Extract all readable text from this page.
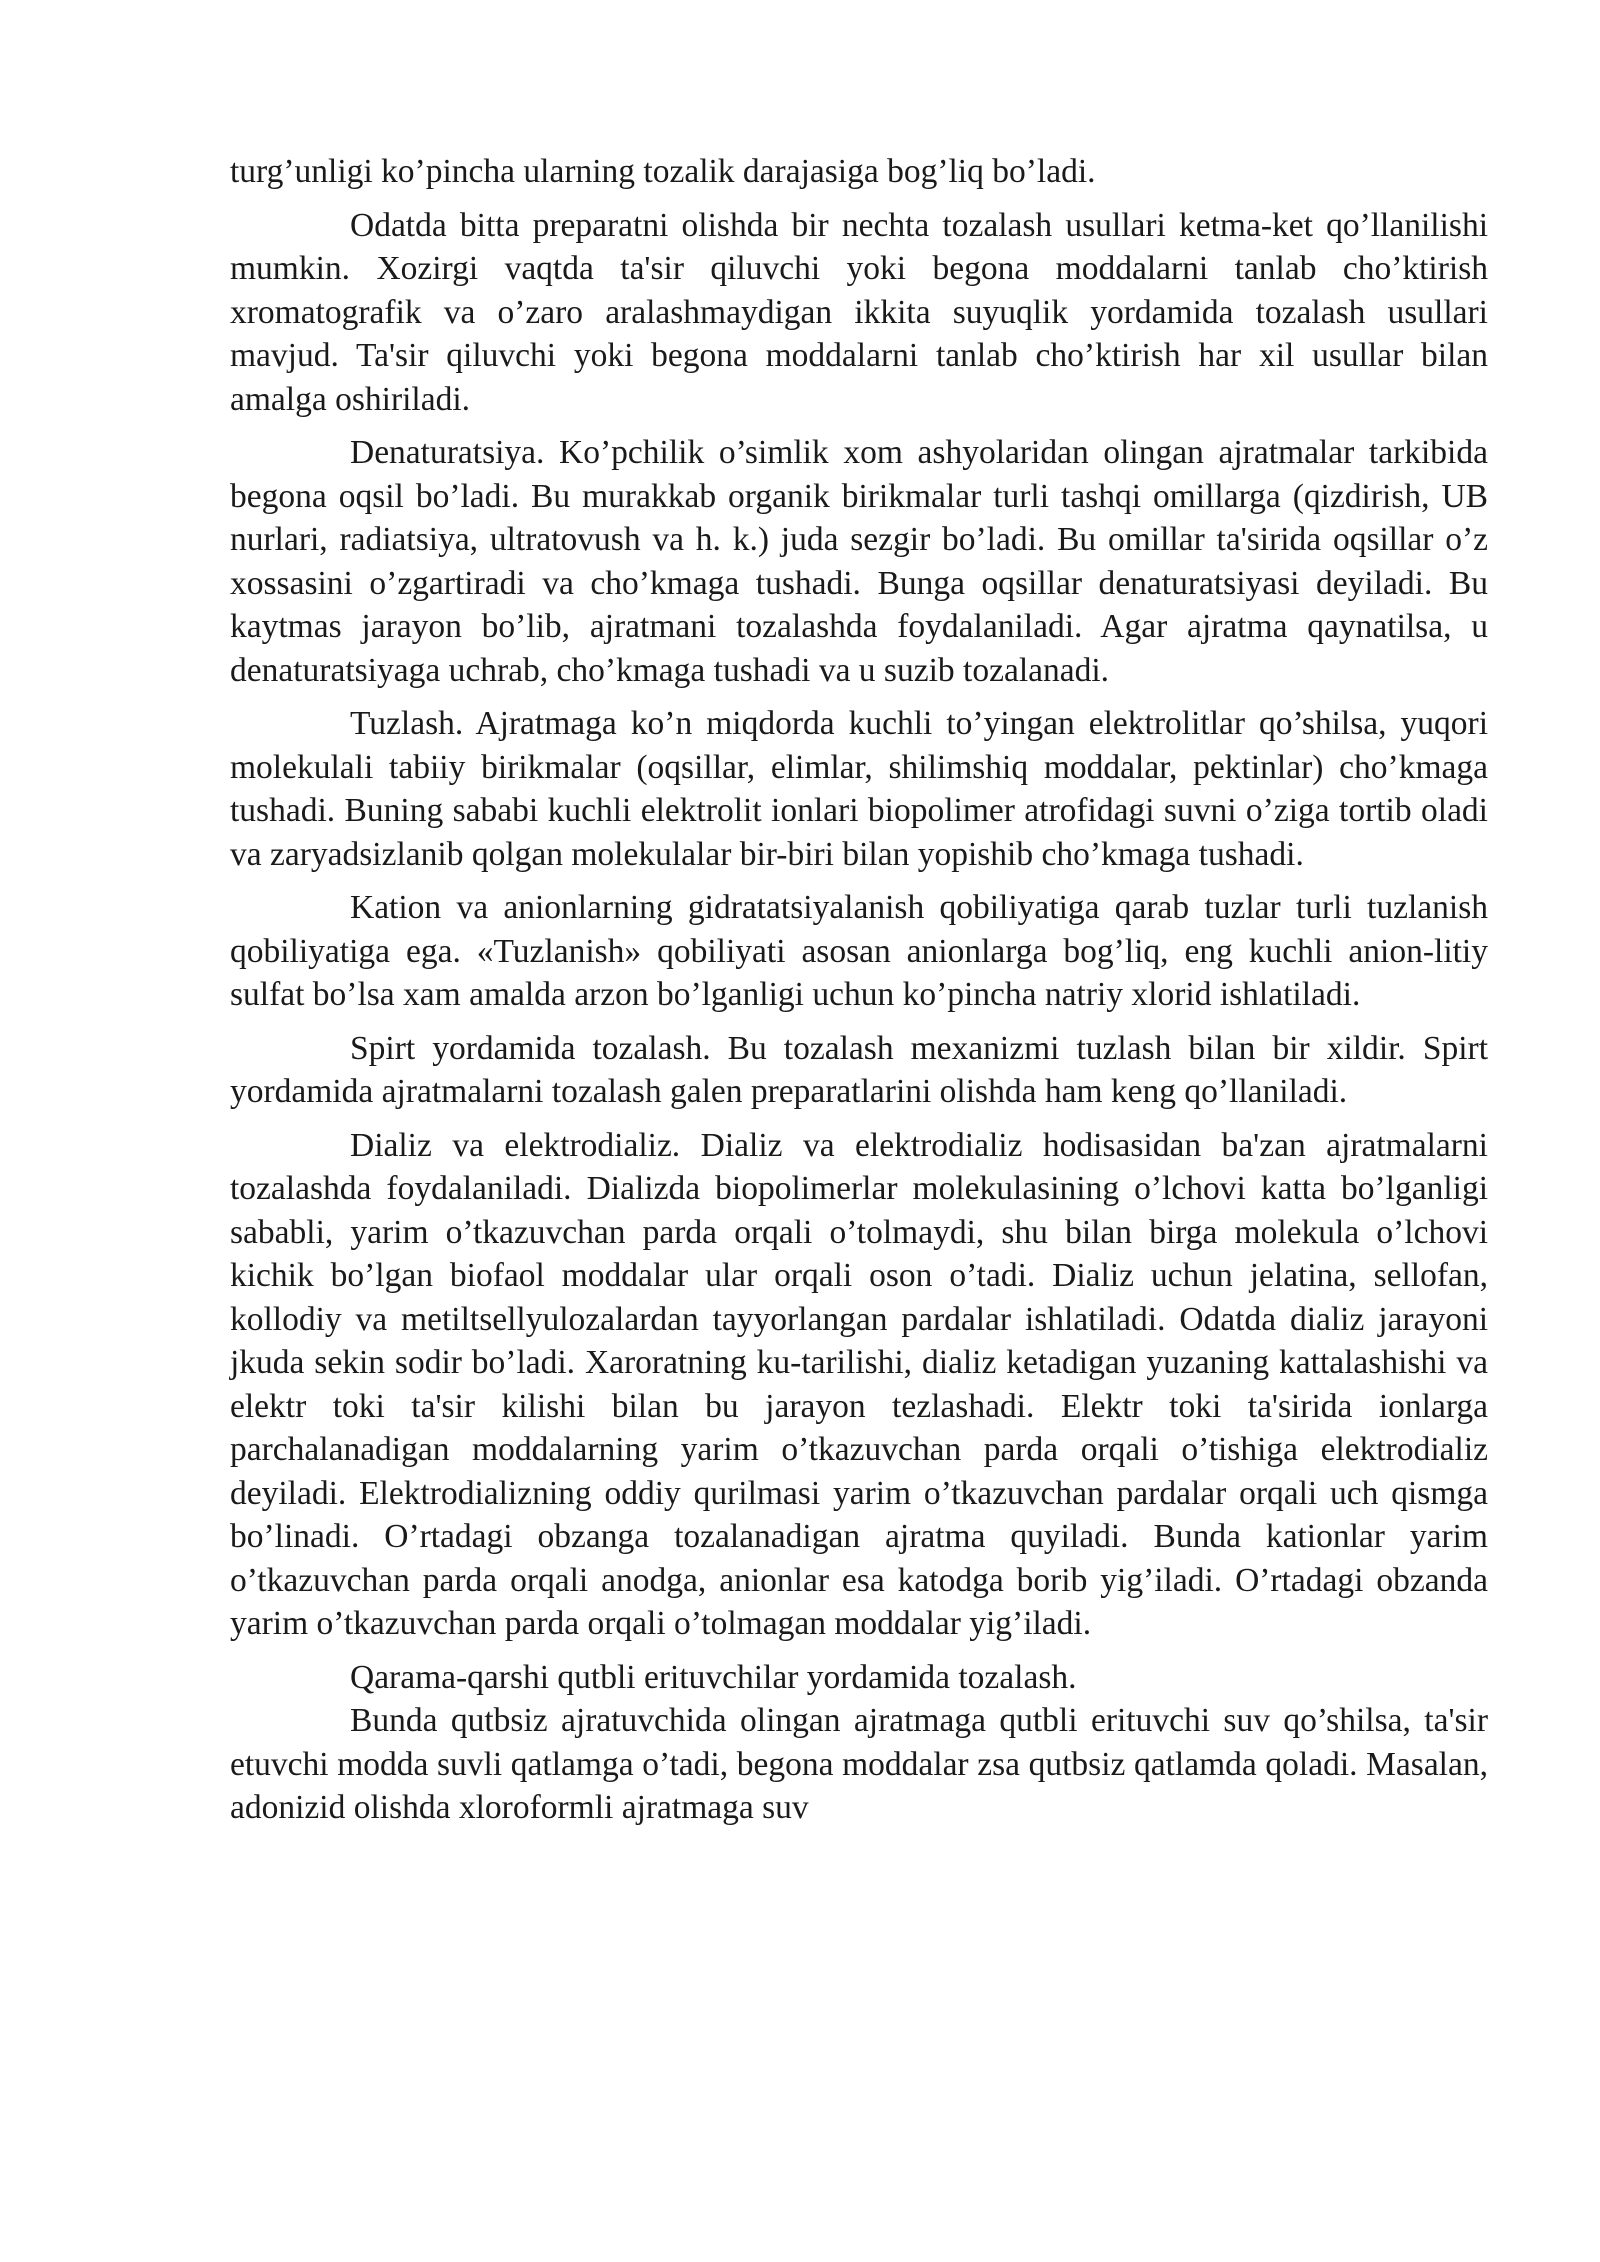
turg’unligi ko’pincha ularning tozalik darajasiga bog’liq bo’ladi.

Odatda bitta preparatni olishda bir nechta tozalash usullari ketma-ket qo’llanilishi mumkin. Xozirgi vaqtda ta'sir qiluvchi yoki begona moddalarni tanlab cho’ktirish xromatografik va o’zaro aralashmaydigan ikkita suyuqlik yordamida tozalash usullari mavjud. Ta'sir qiluvchi yoki begona moddalarni tanlab cho’ktirish har xil usullar bilan amalga oshiriladi.

Denaturatsiya. Ko’pchilik o’simlik xom ashyolaridan olingan ajratmalar tarkibida begona oqsil bo’ladi. Bu murakkab organik birikmalar turli tashqi omillarga (qizdirish, UB nurlari, radiatsiya, ultratovush va h. k.) juda sezgir bo’ladi. Bu omillar ta'sirida oqsillar o’z xossasini o’zgartiradi va cho’kmaga tushadi. Bunga oqsillar denaturatsiyasi deyiladi. Bu kaytmas jarayon bo’lib, ajratmani tozalashda foydalaniladi. Agar ajratma qaynatilsa, u denaturatsiyaga uchrab, cho’kmaga tushadi va u suzib tozalanadi.

Tuzlash. Ajratmaga ko’n miqdorda kuchli to’yingan elektrolitlar qo’shilsa, yuqori molekulali tabiiy birikmalar (oqsillar, elimlar, shilimshiq moddalar, pektinlar) cho’kmaga tushadi. Buning sababi kuchli elektrolit ionlari biopolimer atrofidagi suvni o’ziga tortib oladi va zaryadsizlanib qolgan molekulalar bir-biri bilan yopishib cho’kmaga tushadi.

Kation va anionlarning gidratatsiyalanish qobiliyatiga qarab tuzlar turli tuzlanish qobiliyatiga ega. «Tuzlanish» qobiliyati asosan anionlarga bog’liq, eng kuchli anion-litiy sulfat bo’lsa xam amalda arzon bo’lganligi uchun ko’pincha natriy xlorid ishlatiladi.

Spirt yordamida tozalash. Bu tozalash mexanizmi tuzlash bilan bir xildir. Spirt yordamida ajratmalarni tozalash galen preparatlarini olishda ham keng qo’llaniladi.

Dializ va elektrodializ. Dializ va elektrodializ hodisasidan ba'zan ajratmalarni tozalashda foydalaniladi. Dializda biopolimerlar molekulasining o’lchovi katta bo’lganligi sababli, yarim o’tkazuvchan parda orqali o’tolmaydi, shu bilan birga molekula o’lchovi kichik bo’lgan biofaol moddalar ular orqali oson o’tadi. Dializ uchun jelatina, sellofan, kollodiy va metiltsellyulozalardan tayyorlangan pardalar ishlatiladi. Odatda dializ jarayoni jkuda sekin sodir bo’ladi. Xaroratning ku-tarilishi, dializ ketadigan yuzaning kattalashishi va elektr toki ta'sir kilishi bilan bu jarayon tezlashadi. Elektr toki ta'sirida ionlarga parchalanadigan moddalarning yarim o’tkazuvchan parda orqali o’tishiga elektrodializ deyiladi. Elektrodializning oddiy qurilmasi yarim o’tkazuvchan pardalar orqali uch qismga bo’linadi. O’rtadagi obzanga tozalanadigan ajratma quyiladi. Bunda kationlar yarim o’tkazuvchan parda orqali anodga, anionlar esa katodga borib yig’iladi. O’rtadagi obzanda yarim o’tkazuvchan parda orqali o’tolmagan moddalar yig’iladi.

Qarama-qarshi qutbli erituvchilar yordamida tozalash.

Bunda qutbsiz ajratuvchida olingan ajratmaga qutbli erituvchi suv qo’shilsa, ta'sir etuvchi modda suvli qatlamga o’tadi, begona moddalar zsa qutbsiz qatlamda qoladi. Masalan, adonizid olishda xloroformli ajratmaga suv
